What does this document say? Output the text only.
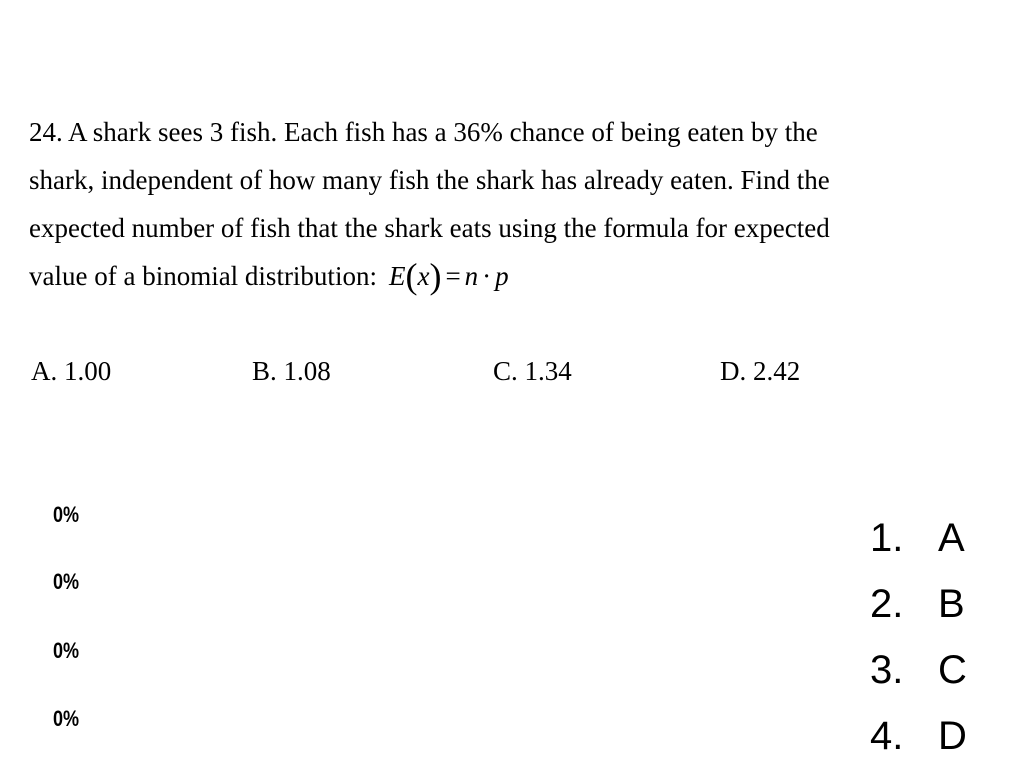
24. A shark sees 3 fish. Each fish has a 36% chance of being eaten by the
shark, independent of how many fish the shark has already eaten. Find the
expected number of fish that the shark eats using the formula for expected
value of a binomial distribution: E(x) = n · p
A. 1.00	B. 1.08	C. 1.34	D. 2.42
0%
0%
0%
0%
1. A
2. B
3. C
4. D
